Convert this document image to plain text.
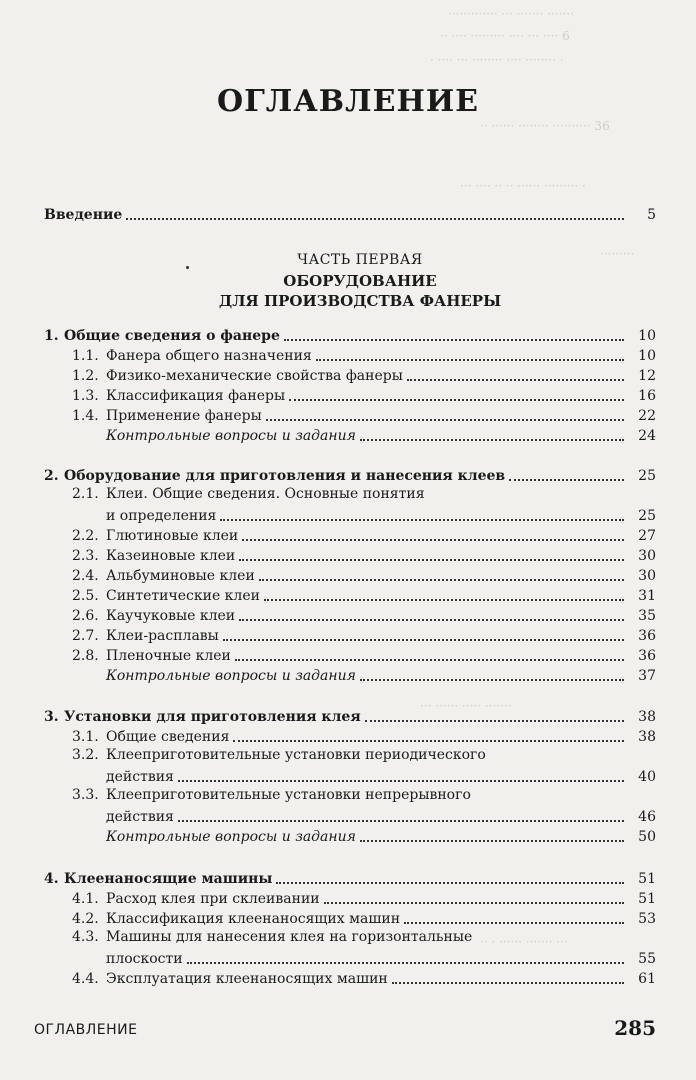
············· ··· ······· ·······
·· ···· ········· ···· ··· ···· 6
· ···· ··· ········ ···· ········ ·
·· ······ ········ ·········· 36
··· ···· ·· ·· ······ ········· ·
·········
··· ······ ····· ·······
·· · ······ ······· ···
ОГЛАВЛЕНИЕ
Введение	5
ЧАСТЬ ПЕРВАЯ
ОБОРУДОВАНИЕ
ДЛЯ ПРОИЗВОДСТВА ФАНЕРЫ
1. Общие сведения о фанере	10
1.1. Фанера общего назначения	10
1.2. Физико-механические свойства фанеры	12
1.3. Классификация фанеры	16
1.4. Применение фанеры	22
Контрольные вопросы и задания	24
2. Оборудование для приготовления и нанесения клеев	25
2.1. Клеи. Общие сведения. Основные понятия
и определения	25
2.2. Глютиновые клеи	27
2.3. Казеиновые клеи	30
2.4. Альбуминовые клеи	30
2.5. Синтетические клеи	31
2.6. Каучуковые клеи	35
2.7. Клеи-расплавы	36
2.8. Пленочные клеи	36
Контрольные вопросы и задания	37
3. Установки для приготовления клея	38
3.1. Общие сведения	38
3.2. Клееприготовительные установки периодического
действия	40
3.3. Клееприготовительные установки непрерывного
действия	46
Контрольные вопросы и задания	50
4. Клеенаносящие машины	51
4.1. Расход клея при склеивании	51
4.2. Классификация клеенаносящих машин	53
4.3. Машины для нанесения клея на горизонтальные
плоскости	55
4.4. Эксплуатация клеенаносящих машин	61
ОГЛАВЛЕНИЕ	285
